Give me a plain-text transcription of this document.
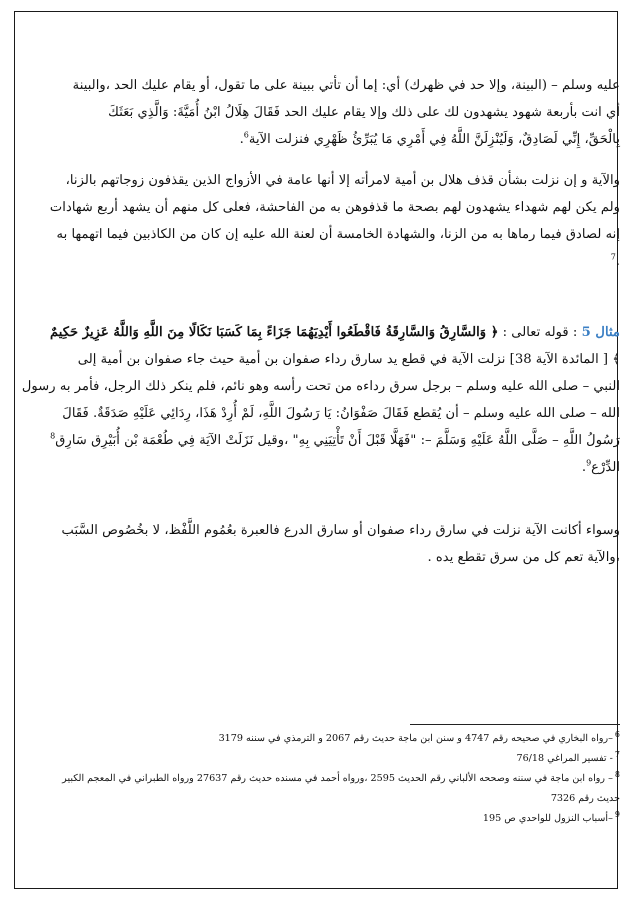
عليه وسلم – (البينة، وإلا حد في ظهرك) أي: إما أن تأتي ببينة على ما تقول، أو يقام عليك الحد ،والبينة

أي انت بأربعة شهود يشهدون لك على ذلك وإلا يقام عليك الحد فَقَالَ هِلَالُ ابْنُ أُمَيَّةَ: وَالَّذِي بَعَثَكَ

بِالْحَقِّ، إِنِّي لَصَادِقٌ، وَلَيُنْزِلَنَّ اللَّهُ فِي أَمْرِي مَا يُبَرِّئُ ظَهْرِي فنزلت الآية$^6$.

والآية و إن نزلت بشأن قذف هلال بن أمية لامرأته إلا أنها عامة في الأزواج الذين يقذفون زوجاتهم بالزنا،

ولم يكن لهم شهداء يشهدون لهم بصحة ما قذفوهن به من الفاحشة، فعلى كل منهم أن يشهد أربع شهادات

إنه لصادق فيما رماها به من الزنا، والشهادة الخامسة أن لعنة الله عليه إن كان من الكاذبين فيما اتهمها به

.$^7$

مثال 5 : قوله تعالى : ﴿ وَالسَّارِقُ وَالسَّارِقَةُ فَاقْطَعُوا أَيْدِيَهُمَا جَزَاءً بِمَا كَسَبَا نَكَالًا مِنَ اللَّهِ وَاللَّهُ عَزِيزٌ حَكِيمٌ

﴾ [ المائدة الآية 38] نزلت الآية في قطع يد سارق رداء صفوان بن أمية حيث جاء صفوان بن أمية إلى

النبي – صلى الله عليه وسلم – برجل سرق رداءه من تحت رأسه وهو نائم، فلم ينكر ذلك الرجل، فأمر به رسول

الله – صلى الله عليه وسلم – أن يُقطع فَقَالَ صَفْوَانُ: يَا رَسُولَ اللَّهِ، لَمْ أُرِدْ هَذَا، رِدَائِي عَلَيْهِ صَدَقَةٌ. فَقَالَ

رَسُولُ اللَّهِ – صَلَّى اللَّهُ عَلَيْهِ وَسَلَّمَ –: "فَهَلَّا قَبْلَ أَنْ تَأْتِيَنِي بِهِ" ،وقيل نَزَلَتْ الآيَة فِي طُعْمَة بْن أُبَيْرِق سَارِق$^8$

الدِّرْع$^9$.

وسواء أكانت الآية نزلت في سارق رداء صفوان أو سارق الدرع فالعبرة بعُمُوم اللَّفْظ، لا بخُصُوص السَّبَب

،والآية تعم كل من سرق تقطع يده .

$^6$–رواه البخاري في صحيحه رقم 4747 و سنن ابن ماجة حديث رقم 2067 و الترمذي في سننه 3179

$^7$- تفسير المراغي 76/18

$^8$– رواه ابن ماجة في سننه وصححه الألباني رقم الحديث 2595 ،ورواه أحمد في مسنده حديث رقم 27637 ورواه الطبراني في المعجم الكبير

حديث رقم 7326

$^9$–أسباب النزول للواحدي ص 195
